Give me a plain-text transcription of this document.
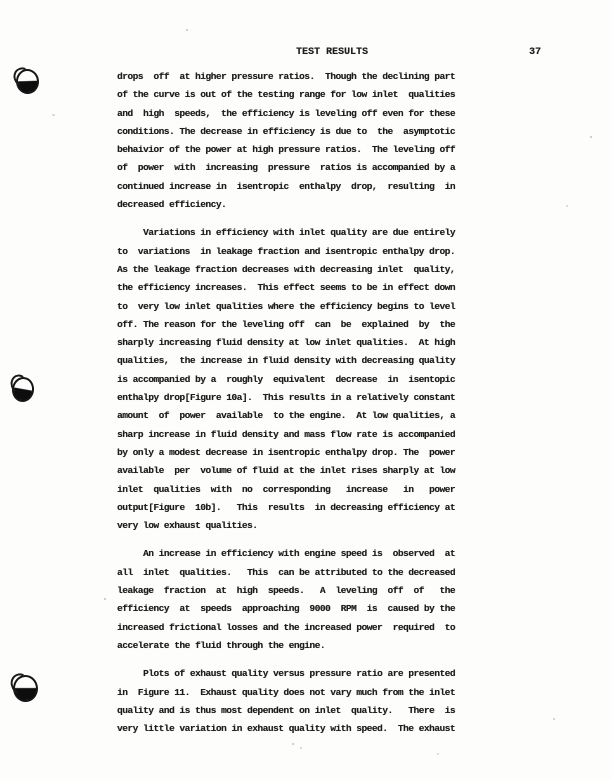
TEST RESULTS	37
drops  off  at higher pressure ratios.  Though the declining part
of the curve is out of the testing range for low inlet  qualities
and  high  speeds,  the efficiency is leveling off even for these
conditions. The decrease in efficiency is due to  the  asymptotic
behaivior of the power at high pressure ratios.  The leveling off
of  power  with  increasing  pressure  ratios is accompanied by a
continued increase in  isentropic  enthalpy  drop,  resulting  in
decreased efficiency.
Variations in efficiency with inlet quality are due entirely
to  variations  in leakage fraction and isentropic enthalpy drop.
As the leakage fraction decreases with decreasing inlet  quality,
the efficiency increases.  This effect seems to be in effect down
to  very low inlet qualities where the efficiency begins to level
off. The reason for the leveling off  can  be  explained  by  the
sharply increasing fluid density at low inlet qualities.  At high
qualities,  the increase in fluid density with decreasing quality
is accompanied by a  roughly  equivalent  decrease  in  isentopic
enthalpy drop[Figure 10a].  This results in a relatively constant
amount  of  power  available  to the engine.  At low qualities, a
sharp increase in fluid density and mass flow rate is accompanied
by only a modest decrease in isentropic enthalpy drop. The  power
available  per  volume of fluid at the inlet rises sharply at low
inlet  qualities  with  no  corresponding   increase   in   power
output[Figure  10b].   This  results  in decreasing efficiency at
very low exhaust qualities.
An increase in efficiency with engine speed is  observed  at
all  inlet  qualities.   This  can be attributed to the decreased
leakage  fraction  at  high  speeds.   A  leveling  off  of   the
efficiency  at  speeds  approaching  9000  RPM  is  caused by the
increased frictional losses and the increased power  required  to
accelerate the fluid through the engine.
Plots of exhaust quality versus pressure ratio are presented
in  Figure 11.  Exhaust quality does not vary much from the inlet
quality and is thus most dependent on inlet  quality.   There  is
very little variation in exhaust quality with speed.  The exhaust
